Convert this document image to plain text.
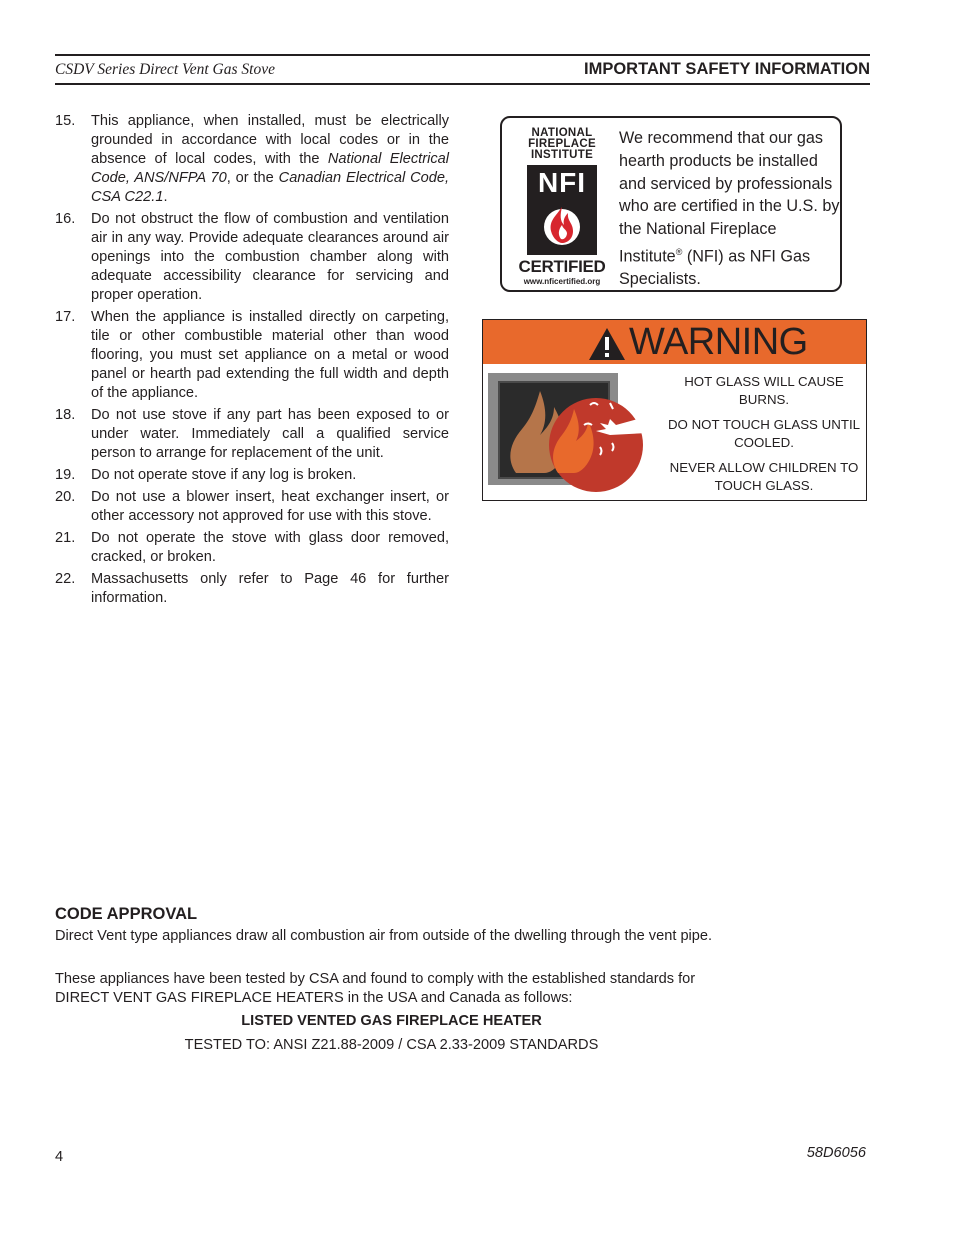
CSDV Series Direct Vent Gas Stove	IMPORTANT SAFETY INFORMATION
15.	This appliance, when installed, must be electrically grounded in accordance with local codes or in the absence of local codes, with the National Electrical Code, ANS/NFPA 70, or the Canadian Electrical Code, CSA C22.1.
16.	Do not obstruct the flow of combustion and ventilation air in any way. Provide adequate clearances around air openings into the combustion chamber along with adequate accessibility clearance for servicing and proper operation.
17.	When the appliance is installed directly on carpeting, tile or other combustible material other than wood flooring, you must set appliance on a metal or wood panel or hearth pad extending the full width and depth of the appliance.
18.	Do not use stove if any part has been exposed to or under water. Immediately call a qualified service person to arrange for replacement of the unit.
19.	Do not operate stove if any log is broken.
20.	Do not use a blower insert, heat exchanger insert, or other accessory not approved for use with this stove.
21.	Do not operate the stove with glass door removed, cracked, or broken.
22.	Massachusetts only refer to Page 46 for further information.
NATIONAL
FIREPLACE
INSTITUTE
NFI
CERTIFIED
www.nficertified.org
We recommend that our gas hearth products be installed and serviced by professionals who are certified in the U.S. by the National Fireplace Institute® (NFI) as NFI Gas Specialists.
WARNING

HOT GLASS WILL CAUSE BURNS.

DO NOT TOUCH GLASS UNTIL COOLED.

NEVER ALLOW CHILDREN TO TOUCH GLASS.

CODE APPROVAL
Direct Vent type appliances draw all combustion air from outside of the dwelling through the vent pipe.
These appliances have been tested by CSA and found to comply with the established standards for DIRECT VENT GAS FIREPLACE HEATERS in the USA and Canada as follows:
LISTED VENTED GAS FIREPLACE HEATER
TESTED TO: ANSI Z21.88-2009 / CSA 2.33-2009 STANDARDS
4	58D6056
